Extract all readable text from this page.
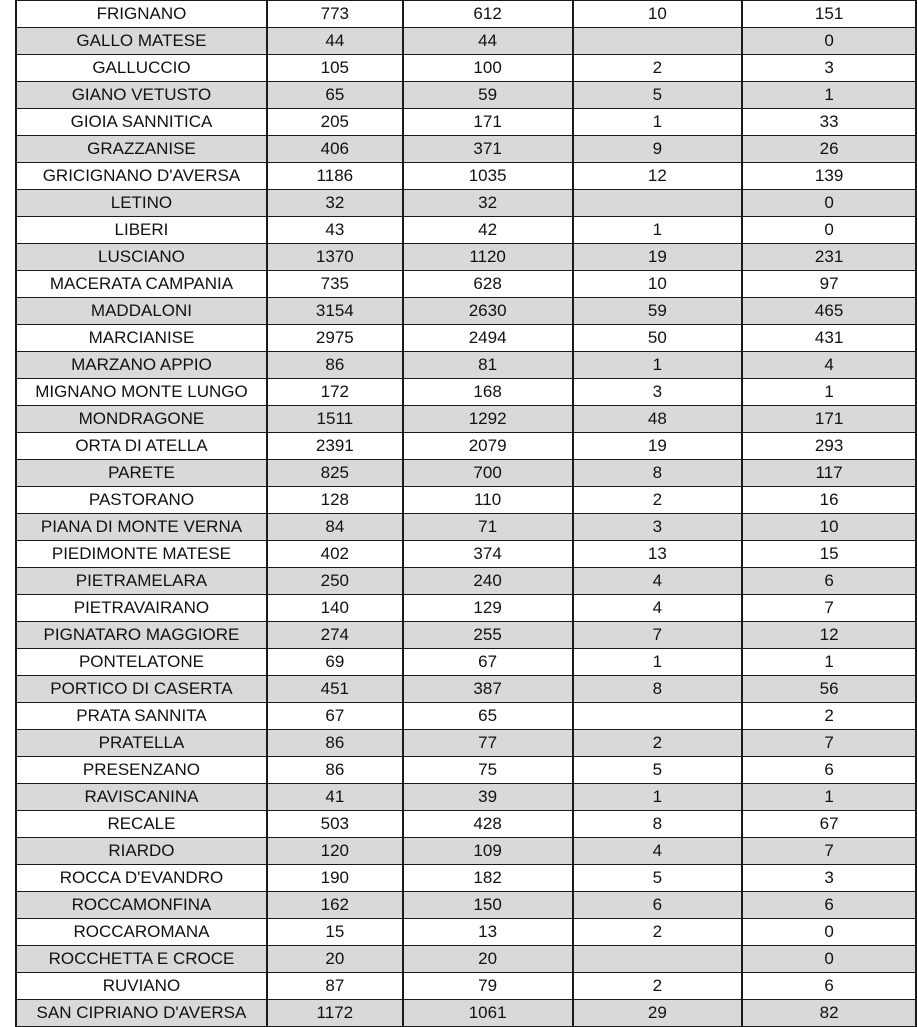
FRIGNANO	773	612	10	151
GALLO MATESE	44	44		0
GALLUCCIO	105	100	2	3
GIANO VETUSTO	65	59	5	1
GIOIA SANNITICA	205	171	1	33
GRAZZANISE	406	371	9	26
GRICIGNANO D'AVERSA	1186	1035	12	139
LETINO	32	32		0
LIBERI	43	42	1	0
LUSCIANO	1370	1120	19	231
MACERATA CAMPANIA	735	628	10	97
MADDALONI	3154	2630	59	465
MARCIANISE	2975	2494	50	431
MARZANO APPIO	86	81	1	4
MIGNANO MONTE LUNGO	172	168	3	1
MONDRAGONE	1511	1292	48	171
ORTA DI ATELLA	2391	2079	19	293
PARETE	825	700	8	117
PASTORANO	128	110	2	16
PIANA DI MONTE VERNA	84	71	3	10
PIEDIMONTE MATESE	402	374	13	15
PIETRAMELARA	250	240	4	6
PIETRAVAIRANO	140	129	4	7
PIGNATARO MAGGIORE	274	255	7	12
PONTELATONE	69	67	1	1
PORTICO DI CASERTA	451	387	8	56
PRATA SANNITA	67	65		2
PRATELLA	86	77	2	7
PRESENZANO	86	75	5	6
RAVISCANINA	41	39	1	1
RECALE	503	428	8	67
RIARDO	120	109	4	7
ROCCA D'EVANDRO	190	182	5	3
ROCCAMONFINA	162	150	6	6
ROCCAROMANA	15	13	2	0
ROCCHETTA E CROCE	20	20		0
RUVIANO	87	79	2	6
SAN CIPRIANO D'AVERSA	1172	1061	29	82
